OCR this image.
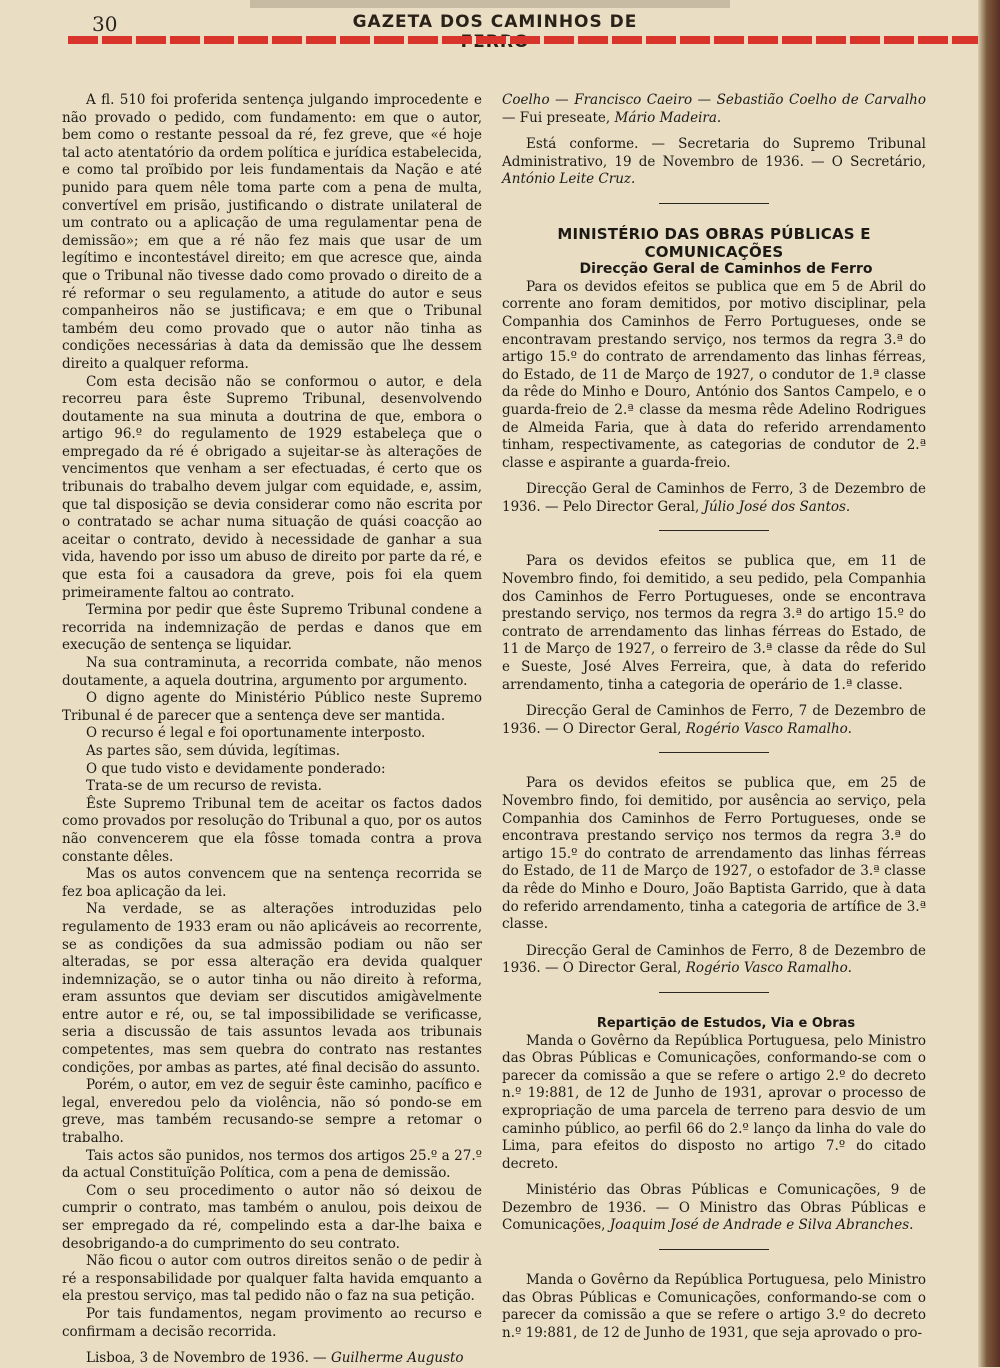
30	GAZETA DOS CAMINHOS DE

A fl. 510 foi proferida sentença julgando improcedente e não provado o pedido, com fundamento: em que o autor, bem como o restante pessoal da ré, fez greve, que «é hoje tal acto atentatório da ordem política e jurídica estabelecida, e como tal proïbido por leis fundamentais da Nação e até punido para quem nêle toma parte com a pena de multa, convertível em prisão, justificando o distrate unilateral de um contrato ou a aplicação de uma regulamentar pena de demissão»; em que a ré não fez mais que usar de um legítimo e incontestável direito; em que acresce que, ainda que o Tribunal não tivesse dado como provado o direito de a ré reformar o seu regulamento, a atitude do autor e seus companheiros não se justificava; e em que o Tribunal também deu como provado que o autor não tinha as condições necessárias à data da demissão que lhe dessem direito a qualquer reforma.

Com esta decisão não se conformou o autor, e dela recorreu para êste Supremo Tribunal, desenvolvendo doutamente na sua minuta a doutrina de que, embora o artigo 96.º do regulamento de 1929 estabeleça que o empregado da ré é obrigado a sujeitar-se às alterações de vencimentos que venham a ser efectuadas, é certo que os tribunais do trabalho devem julgar com equidade, e, assim, que tal disposição se devia considerar como não escrita por o contratado se achar numa situação de quási coacção ao aceitar o contrato, devido à necessidade de ganhar a sua vida, havendo por isso um abuso de direito por parte da ré, e que esta foi a causadora da greve, pois foi ela quem primeiramente faltou ao contrato.

Termina por pedir que êste Supremo Tribunal condene a recorrida na indemnização de perdas e danos que em execução de sentença se liquidar.

Na sua contraminuta, a recorrida combate, não menos doutamente, a aquela doutrina, argumento por argumento.

O digno agente do Ministério Público neste Supremo Tribunal é de parecer que a sentença deve ser mantida.

O recurso é legal e foi oportunamente interposto.

As partes são, sem dúvida, legítimas.

O que tudo visto e devidamente ponderado:

Trata-se de um recurso de revista.

Êste Supremo Tribunal tem de aceitar os factos dados como provados por resolução do Tribunal a quo, por os autos não convencerem que ela fôsse tomada contra a prova constante dêles.

Mas os autos convencem que na sentença recorrida se fez boa aplicação da lei.

Na verdade, se as alterações introduzidas pelo regulamento de 1933 eram ou não aplicáveis ao recorrente, se as condições da sua admissão podiam ou não ser alteradas, se por essa alteração era devida qualquer indemnização, se o autor tinha ou não direito à reforma, eram assuntos que deviam ser discutidos amigàvelmente entre autor e ré, ou, se tal impossibilidade se verificasse, seria a discussão de tais assuntos levada aos tribunais competentes, mas sem quebra do contrato nas restantes condições, por ambas as partes, até final decisão do assunto.

Porém, o autor, em vez de seguir êste caminho, pacífico e legal, enveredou pelo da violência, não só pondo-se em greve, mas também recusando-se sempre a retomar o trabalho.

Tais actos são punidos, nos termos dos artigos 25.º a 27.º da actual Constituïção Política, com a pena de demissão.

Com o seu procedimento o autor não só deixou de cumprir o contrato, mas também o anulou, pois deixou de ser empregado da ré, compelindo esta a dar-lhe baixa e desobrigando-a do cumprimento do seu contrato.

Não ficou o autor com outros direitos senão o de pedir à ré a responsabilidade por qualquer falta havida emquanto a ela prestou serviço, mas tal pedido não o faz na sua petição.

Por tais fundamentos, negam provimento ao recurso e confirmam a decisão recorrida.

Lisboa, 3 de Novembro de 1936. — Guilherme Augusto

Coelho — Francisco Caeiro — Sebastião Coelho de Carvalho — Fui preseate, Mário Madeira.

Está conforme. — Secretaria do Supremo Tribunal Administrativo, 19 de Novembro de 1936. — O Secretário, António Leite Cruz.

MINISTÉRIO DAS OBRAS PÚBLICAS E COMUNICAÇÕES

Direcção Geral de Caminhos de Ferro

Para os devidos efeitos se publica que em 5 de Abril do corrente ano foram demitidos, por motivo disciplinar, pela Companhia dos Caminhos de Ferro Portugueses, onde se encontravam prestando serviço, nos termos da regra 3.ª do artigo 15.º do contrato de arrendamento das linhas férreas, do Estado, de 11 de Março de 1927, o condutor de 1.ª classe da rêde do Minho e Douro, António dos Santos Campelo, e o guarda-freio de 2.ª classe da mesma rêde Adelino Rodrigues de Almeida Faria, que à data do referido arrendamento tinham, respectivamente, as categorias de condutor de 2.ª classe e aspirante a guarda-freio.

Direcção Geral de Caminhos de Ferro, 3 de Dezembro de 1936. — Pelo Director Geral, Júlio José dos Santos.

Para os devidos efeitos se publica que, em 11 de Novembro findo, foi demitido, a seu pedido, pela Companhia dos Caminhos de Ferro Portugueses, onde se encontrava prestando serviço, nos termos da regra 3.ª do artigo 15.º do contrato de arrendamento das linhas férreas do Estado, de 11 de Março de 1927, o ferreiro de 3.ª classe da rêde do Sul e Sueste, José Alves Ferreira, que, à data do referido arrendamento, tinha a categoria de operário de 1.ª classe.

Direcção Geral de Caminhos de Ferro, 7 de Dezembro de 1936. — O Director Geral, Rogério Vasco Ramalho.

Para os devidos efeitos se publica que, em 25 de Novembro findo, foi demitido, por ausência ao serviço, pela Companhia dos Caminhos de Ferro Portugueses, onde se encontrava prestando serviço nos termos da regra 3.ª do artigo 15.º do contrato de arrendamento das linhas férreas do Estado, de 11 de Março de 1927, o estofador de 3.ª classe da rêde do Minho e Douro, João Baptista Garrido, que à data do referido arrendamento, tinha a categoria de artífice de 3.ª classe.

Direcção Geral de Caminhos de Ferro, 8 de Dezembro de 1936. — O Director Geral, Rogério Vasco Ramalho.

Repartição de Estudos, Via e Obras

Manda o Govêrno da República Portuguesa, pelo Ministro das Obras Públicas e Comunicações, conformando-se com o parecer da comissão a que se refere o artigo 2.º do decreto n.º 19:881, de 12 de Junho de 1931, aprovar o processo de expropriação de uma parcela de terreno para desvio de um caminho público, ao perfil 66 do 2.º lanço da linha do vale do Lima, para efeitos do disposto no artigo 7.º do citado decreto.

Ministério das Obras Públicas e Comunicações, 9 de Dezembro de 1936. — O Ministro das Obras Públicas e Comunicações, Joaquim José de Andrade e Silva Abranches.

Manda o Govêrno da República Portuguesa, pelo Ministro das Obras Públicas e Comunicações, conformando-se com o parecer da comissão a que se refere o artigo 3.º do decreto n.º 19:881, de 12 de Junho de 1931, que seja aprovado o pro-
